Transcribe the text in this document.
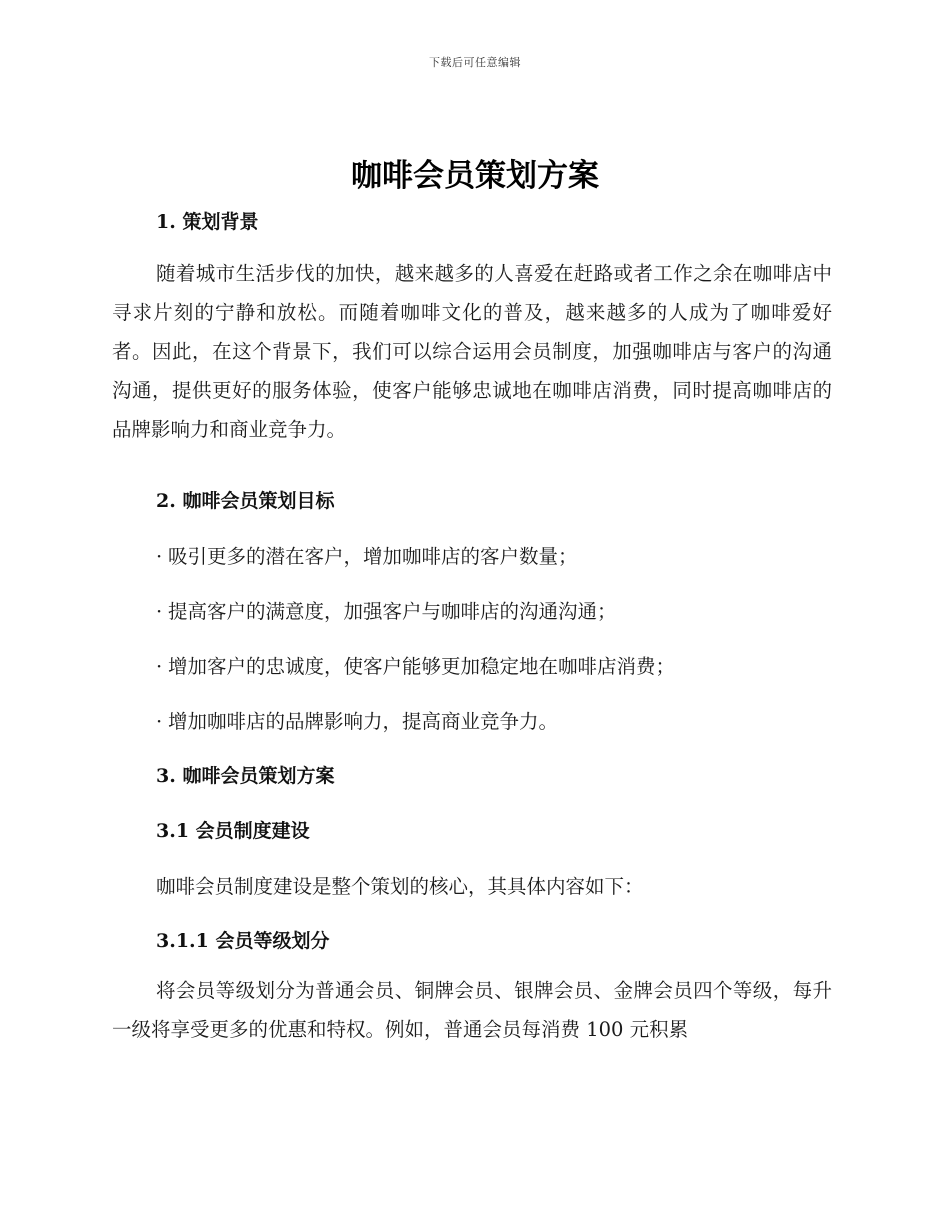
下载后可任意编辑
咖啡会员策划方案
1. 策划背景

随着城市生活步伐的加快，越来越多的人喜爱在赶路或者工作之余在咖啡店中寻求片刻的宁静和放松。而随着咖啡文化的普及，越来越多的人成为了咖啡爱好者。因此，在这个背景下，我们可以综合运用会员制度，加强咖啡店与客户的沟通沟通，提供更好的服务体验，使客户能够忠诚地在咖啡店消费，同时提高咖啡店的品牌影响力和商业竞争力。

2. 咖啡会员策划目标

· 吸引更多的潜在客户，增加咖啡店的客户数量；

· 提高客户的满意度，加强客户与咖啡店的沟通沟通；

· 增加客户的忠诚度，使客户能够更加稳定地在咖啡店消费；

· 增加咖啡店的品牌影响力，提高商业竞争力。

3. 咖啡会员策划方案
3.1 会员制度建设

咖啡会员制度建设是整个策划的核心，其具体内容如下：

3.1.1 会员等级划分

将会员等级划分为普通会员、铜牌会员、银牌会员、金牌会员四个等级，每升一级将享受更多的优惠和特权。例如，普通会员每消费 100 元积累
